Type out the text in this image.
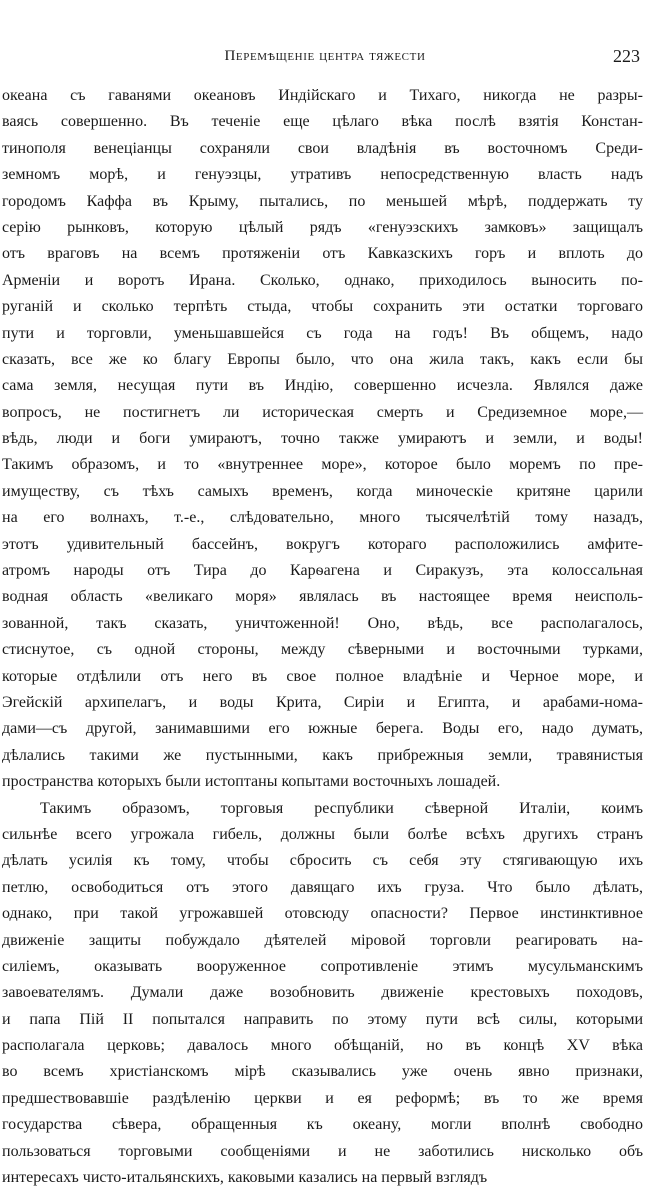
Перемѣщеніе центра тяжести	223
океана съ гаванями океановъ Индійскаго и Тихаго, никогда не разры-
ваясь совершенно. Въ теченіе еще цѣлаго вѣка послѣ взятія Констан-
тинополя венеціанцы сохраняли свои владѣнія въ восточномъ Среди-
земномъ морѣ, и генуэзцы, утративъ непосредственную власть надъ
городомъ Каффа въ Крыму, пытались, по меньшей мѣрѣ, поддержать ту
серію рынковъ, которую цѣлый рядъ «генуэзскихъ замковъ» защищалъ
отъ враговъ на всемъ протяженіи отъ Кавказскихъ горъ и вплоть до
Арменіи и воротъ Ирана. Сколько, однако, приходилось выносить по-
руганій и сколько терпѣть стыда, чтобы сохранить эти остатки торговаго
пути и торговли, уменьшавшейся съ года на годъ! Въ общемъ, надо
сказать, все же ко благу Европы было, что она жила такъ, какъ если бы
сама земля, несущая пути въ Индію, совершенно исчезла. Являлся даже
вопросъ, не постигнетъ ли историческая смерть и Средиземное море,—
вѣдь, люди и боги умираютъ, точно также умираютъ и земли, и воды!
Такимъ образомъ, и то «внутреннее море», которое было моремъ по пре-
имуществу, съ тѣхъ самыхъ временъ, когда миноческіе критяне царили
на его волнахъ, т.-е., слѣдовательно, много тысячелѣтій тому назадъ,
этотъ удивительный бассейнъ, вокругъ котораго расположились амфите-
атромъ народы отъ Тира до Карѳагена и Сиракузъ, эта колоссальная
водная область «великаго моря» являлась въ настоящее время неисполь-
зованной, такъ сказать, уничтоженной! Оно, вѣдь, все располагалось,
стиснутое, съ одной стороны, между сѣверными и восточными турками,
которые отдѣлили отъ него въ свое полное владѣніе и Черное море, и
Эгейскій архипелагъ, и воды Крита, Сиріи и Египта, и арабами-нома-
дами—съ другой, занимавшими его южные берега. Воды его, надо думать,
дѣлались такими же пустынными, какъ прибрежныя земли, травянистыя
пространства которыхъ были истоптаны копытами восточныхъ лошадей.
Такимъ образомъ, торговыя республики сѣверной Италіи, коимъ
сильнѣе всего угрожала гибель, должны были болѣе всѣхъ другихъ странъ
дѣлать усилія къ тому, чтобы сбросить съ себя эту стягивающую ихъ
петлю, освободиться отъ этого давящаго ихъ груза. Что было дѣлать,
однако, при такой угрожавшей отовсюду опасности? Первое инстинктивное
движеніе защиты побуждало дѣятелей міровой торговли реагировать на-
силіемъ, оказывать вооруженное сопротивленіе этимъ мусульманскимъ
завоевателямъ. Думали даже возобновить движеніе крестовыхъ походовъ,
и папа Пій II попытался направить по этому пути всѣ силы, которыми
располагала церковь; давалось много обѣщаній, но въ концѣ XV вѣка
во всемъ христіанскомъ мірѣ сказывались уже очень явно признаки,
предшествовавшіе раздѣленію церкви и ея реформѣ; въ то же время
государства сѣвера, обращенныя къ океану, могли вполнѣ свободно
пользоваться торговыми сообщеніями и не заботились нисколько объ
интересахъ чисто-итальянскихъ, каковыми казались на первый взглядъ
